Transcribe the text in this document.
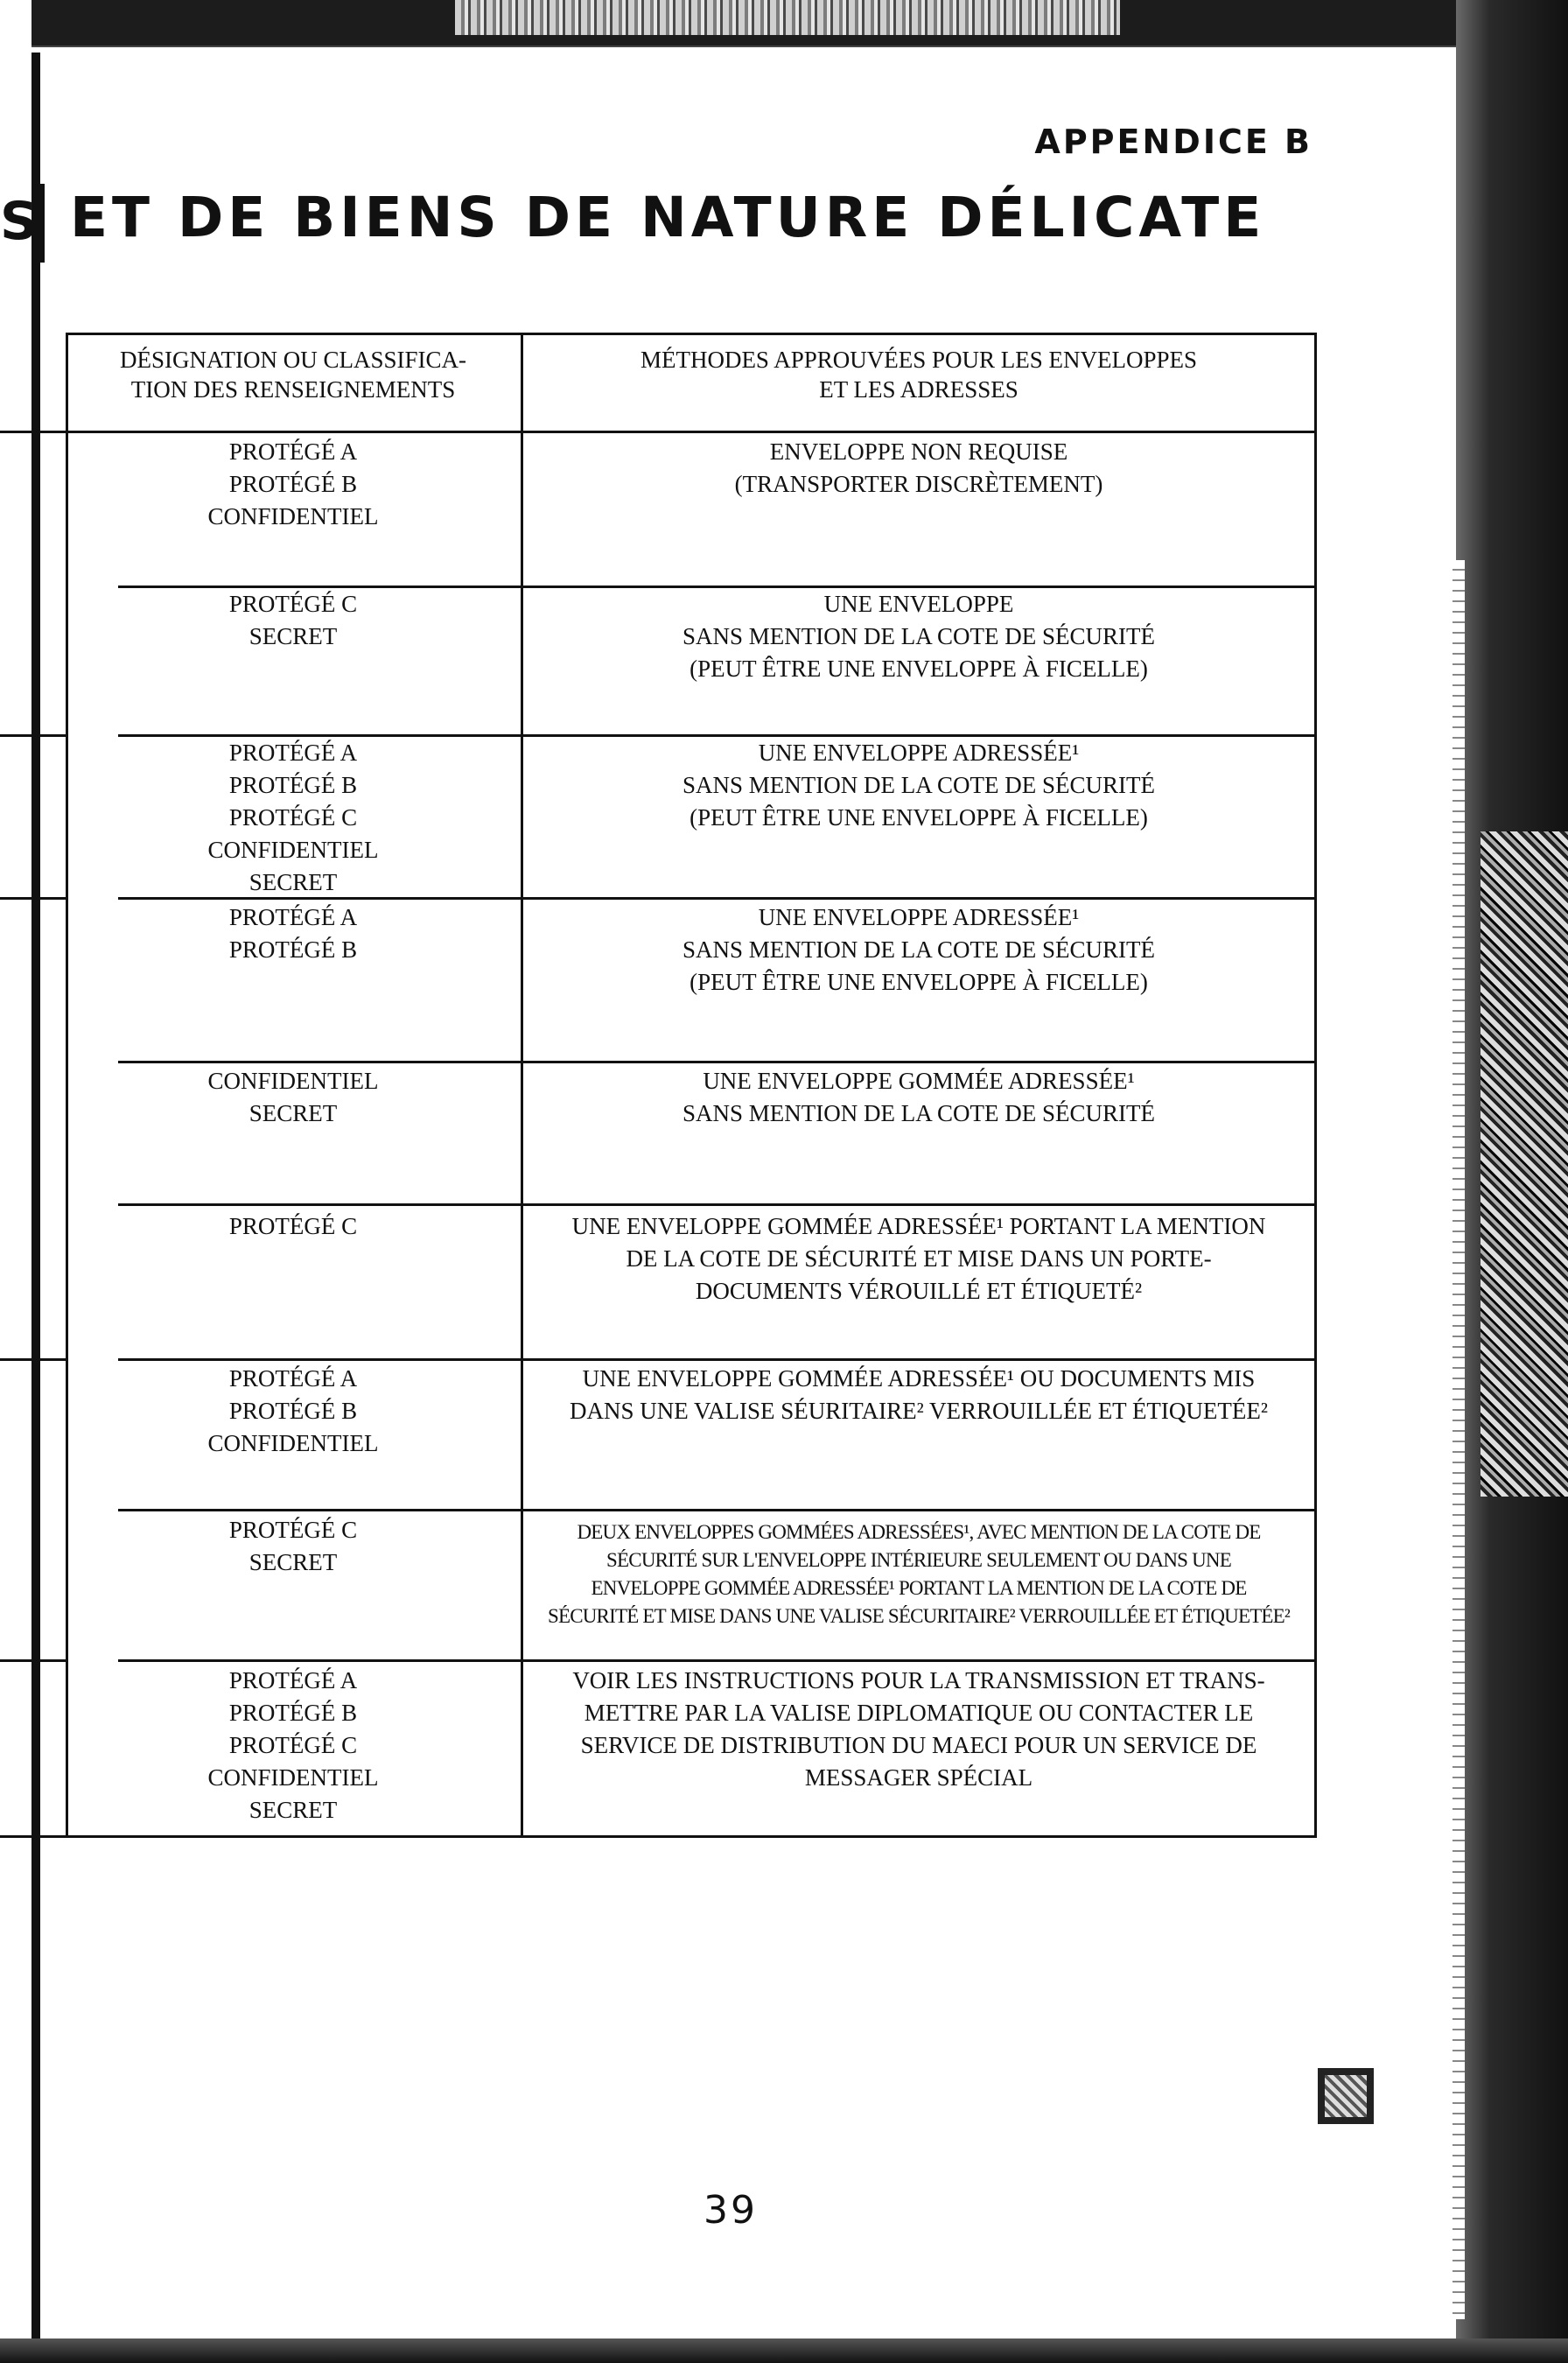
APPENDICE B
S ET DE BIENS DE NATURE DÉLICATE
DÉSIGNATION OU CLASSIFICA-
TION DES RENSEIGNEMENTS
MÉTHODES APPROUVÉES POUR LES ENVELOPPES
ET LES ADRESSES
PROTÉGÉ A
PROTÉGÉ B
CONFIDENTIEL
ENVELOPPE NON REQUISE
(TRANSPORTER DISCRÈTEMENT)
PROTÉGÉ C
SECRET
UNE ENVELOPPE
SANS MENTION DE LA COTE DE SÉCURITÉ
(PEUT ÊTRE UNE ENVELOPPE À FICELLE)
PROTÉGÉ A
PROTÉGÉ B
PROTÉGÉ C
CONFIDENTIEL
SECRET
UNE ENVELOPPE ADRESSÉE¹
SANS MENTION DE LA COTE DE SÉCURITÉ
(PEUT ÊTRE UNE ENVELOPPE À FICELLE)
PROTÉGÉ A
PROTÉGÉ B
UNE ENVELOPPE ADRESSÉE¹
SANS MENTION DE LA COTE DE SÉCURITÉ
(PEUT ÊTRE UNE ENVELOPPE À FICELLE)
CONFIDENTIEL
SECRET
UNE ENVELOPPE GOMMÉE ADRESSÉE¹
SANS MENTION DE LA COTE DE SÉCURITÉ
PROTÉGÉ C	UNE ENVELOPPE GOMMÉE ADRESSÉE¹ PORTANT LA MENTION
DE LA COTE DE SÉCURITÉ ET MISE DANS UN PORTE-
DOCUMENTS VÉROUILLÉ ET ÉTIQUETÉ²
PROTÉGÉ A
PROTÉGÉ B
CONFIDENTIEL
UNE ENVELOPPE GOMMÉE ADRESSÉE¹ OU DOCUMENTS MIS
DANS UNE VALISE SÉURITAIRE² VERROUILLÉE ET ÉTIQUETÉE²
PROTÉGÉ C
SECRET
DEUX ENVELOPPES GOMMÉES ADRESSÉES¹, AVEC MENTION DE LA COTE DE
SÉCURITÉ SUR L'ENVELOPPE INTÉRIEURE SEULEMENT OU DANS UNE
ENVELOPPE GOMMÉE ADRESSÉE¹ PORTANT LA MENTION DE LA COTE DE
SÉCURITÉ ET MISE DANS UNE VALISE SÉCURITAIRE² VERROUILLÉE ET ÉTIQUETÉE²
PROTÉGÉ A
PROTÉGÉ B
PROTÉGÉ C
CONFIDENTIEL
SECRET
VOIR LES INSTRUCTIONS POUR LA TRANSMISSION ET TRANS-
METTRE PAR LA VALISE DIPLOMATIQUE OU CONTACTER LE
SERVICE DE DISTRIBUTION DU MAECI POUR UN SERVICE DE
MESSAGER SPÉCIAL
39
